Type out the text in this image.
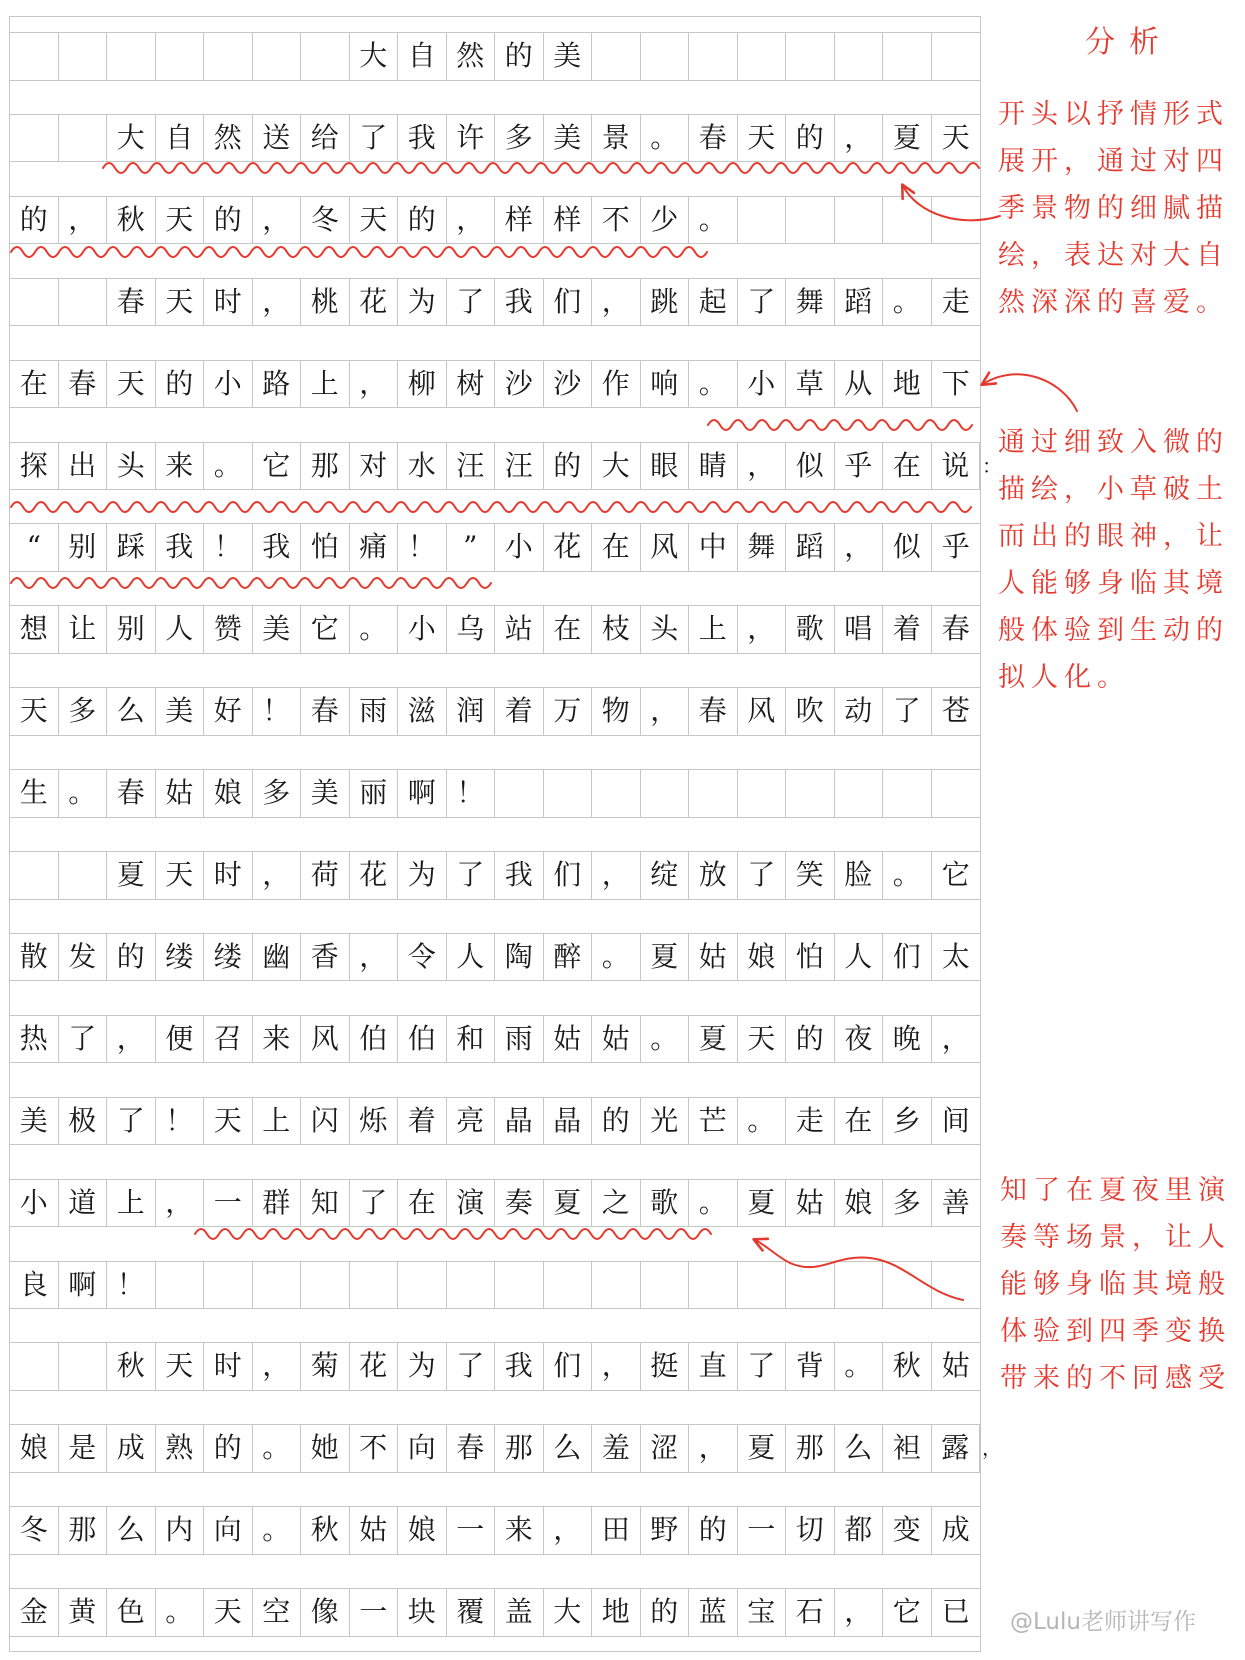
大 自 然 的 美
大 自 然 送 给 了 我 许 多 美 景 。 春 天 的 ， 夏 天
的 ， 秋 天 的 ， 冬 天 的 ， 样 样 不 少 。
春 天 时 ， 桃 花 为 了 我 们 ， 跳 起 了 舞 蹈 。 走
在 春 天 的 小 路 上 ， 柳 树 沙 沙 作 响 。 小 草 从 地 下
探 出 头 来 。 它 那 对 水 汪 汪 的 大 眼 睛 ， 似 乎 在 说 ：
“ 别 踩 我 ！ 我 怕 痛 ！ ” 小 花 在 风 中 舞 蹈 ， 似 乎
想 让 别 人 赞 美 它 。 小 乌 站 在 枝 头 上 ， 歌 唱 着 春
天 多 么 美 好 ！ 春 雨 滋 润 着 万 物 ， 春 风 吹 动 了 苍
生 。 春 姑 娘 多 美 丽 啊 ！
夏 天 时 ， 荷 花 为 了 我 们 ， 绽 放 了 笑 脸 。 它
散 发 的 缕 缕 幽 香 ， 令 人 陶 醉 。 夏 姑 娘 怕 人 们 太
热 了 ， 便 召 来 风 伯 伯 和 雨 姑 姑 。 夏 天 的 夜 晚 ，
美 极 了 ！ 天 上 闪 烁 着 亮 晶 晶 的 光 芒 。 走 在 乡 间
小 道 上 ， 一 群 知 了 在 演 奏 夏 之 歌 。 夏 姑 娘 多 善
良 啊 ！
秋 天 时 ， 菊 花 为 了 我 们 ， 挺 直 了 背 。 秋 姑
娘 是 成 熟 的 。 她 不 向 春 那 么 羞 涩 ， 夏 那 么 袒 露 ，
冬 那 么 内 向 。 秋 姑 娘 一 来 ， 田 野 的 一 切 都 变 成
金 黄 色 。 天 空 像 一 块 覆 盖 大 地 的 蓝 宝 石 ， 它 已
分析
开头以抒情形式
展开，通过对四
季景物的细腻描
绘，表达对大自
然深深的喜爱。
通过细致入微的
描绘，小草破土
而出的眼神，让
人能够身临其境
般体验到生动的
拟人化。
知了在夏夜里演
奏等场景，让人
能够身临其境般
体验到四季变换
带来的不同感受
@Lulu老师讲写作
